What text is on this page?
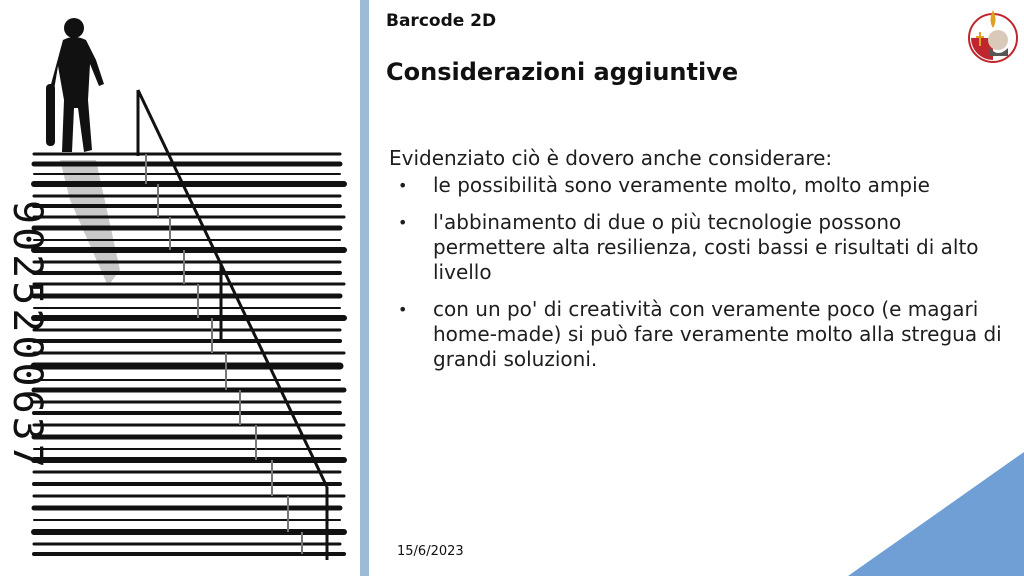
9025200637
Barcode 2D
Considerazioni aggiuntive

Evidenziato ciò è dovero anche considerare:

• le possibilità sono veramente molto, molto ampie
• l'abbinamento di due o più tecnologie possono permettere alta resilienza, costi bassi e risultati di alto livello
• con un po' di creatività con veramente poco (e magari home-made) si può fare veramente molto alla stregua di grandi soluzioni.
15/6/2023
